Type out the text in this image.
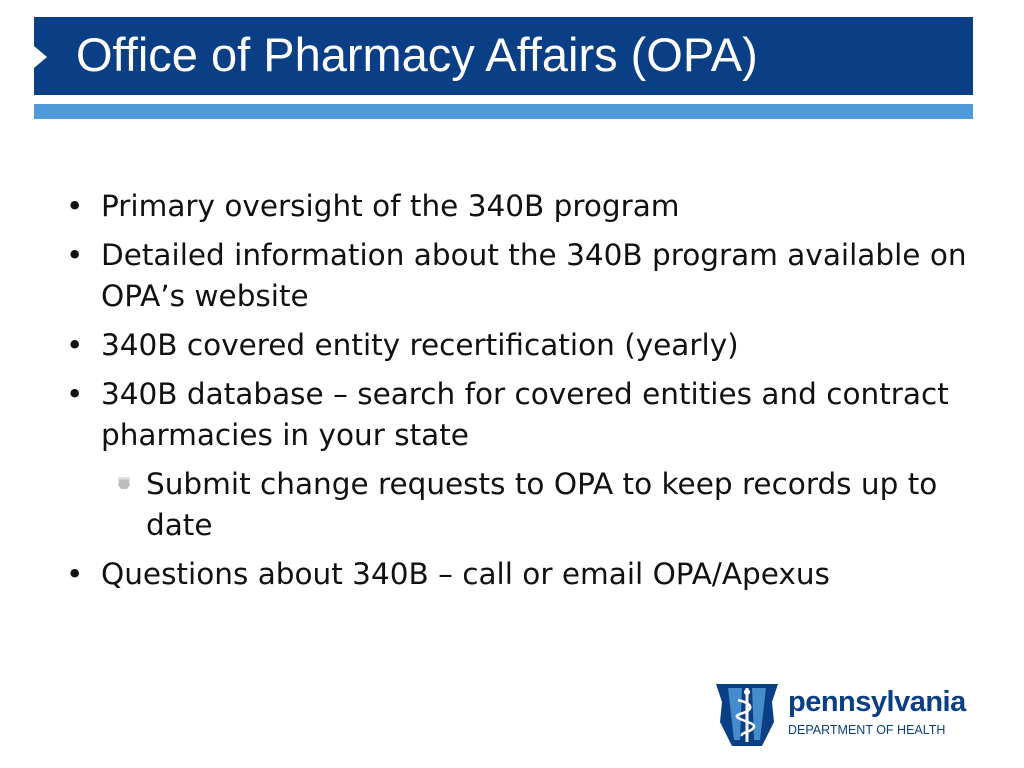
Office of Pharmacy Affairs (OPA)
• Primary oversight of the 340B program
• Detailed information about the 340B program available on OPA’s website
• 340B covered entity recertification (yearly)
• 340B database – search for covered entities and contract pharmacies in your state
Submit change requests to OPA to keep records up to date
• Questions about 340B – call or email OPA/Apexus
pennsylvania
DEPARTMENT OF HEALTH
